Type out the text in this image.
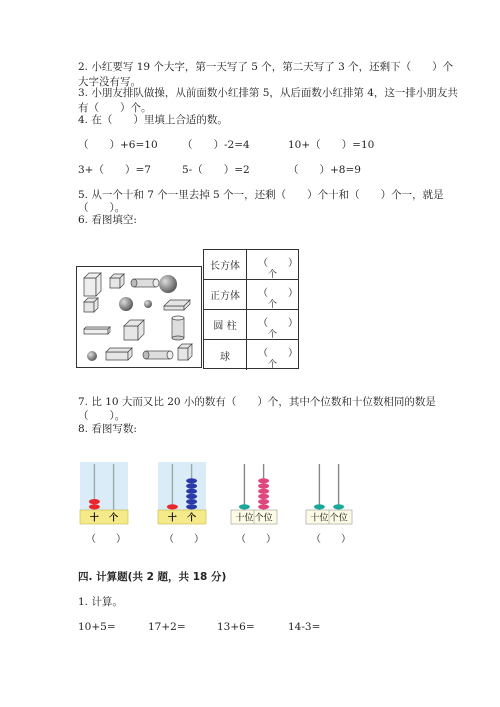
2. 小红要写 19 个大字，第一天写了 5 个，第二天写了 3 个，还剩下（　　）个
大字没有写。
3. 小朋友排队做操，从前面数小红排第 5，从后面数小红排第 4，这一排小朋友共
有（　　）个。
4. 在（　　）里填上合适的数。
（　　）+6=10 （　　）-2=4	10+（　　）=10
3+（　　）=7	5-（　　）=2	（　　）+8=9
5. 从一个十和 7 个一里去掉 5 个一，还剩（　　）个十和（　　）个一，就是
（　　）。
6. 看图填空:
长方体	（　　）
个
正方体	（　　）
个
圆 柱	（　　）
个
球	（　　）
个
7. 比 10 大而又比 20 小的数有（　　）个，其中个位数和十位数相同的数是
（　　）。
8. 看图写数:
十 个
（　　）
十 个
（　　）
十位 个位
（　　）
十位 个位
（　　）
四. 计算题(共 2 题，共 18 分)
1. 计算。
10+5=	17+2=	13+6=	14-3=
